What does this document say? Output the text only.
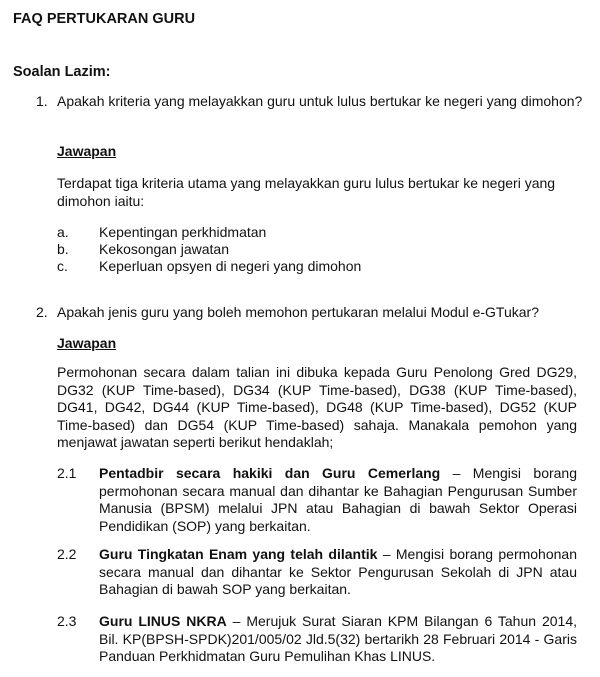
FAQ PERTUKARAN GURU
Soalan Lazim:
1. Apakah kriteria yang melayakkan guru untuk lulus bertukar ke negeri yang dimohon?
Jawapan
Terdapat tiga kriteria utama yang melayakkan guru lulus bertukar ke negeri yang dimohon iaitu:
a.	Kepentingan perkhidmatan
b.	Kekosongan jawatan
c.	Keperluan opsyen di negeri yang dimohon
2. Apakah jenis guru yang boleh memohon pertukaran melalui Modul e-GTukar?
Jawapan
Permohonan secara dalam talian ini dibuka kepada Guru Penolong Gred DG29, DG32 (KUP Time-based), DG34 (KUP Time-based), DG38 (KUP Time-based), DG41, DG42, DG44 (KUP Time-based), DG48 (KUP Time-based), DG52 (KUP Time-based) dan DG54 (KUP Time-based) sahaja. Manakala pemohon yang menjawat jawatan seperti berikut hendaklah;
2.1 Pentadbir secara hakiki dan Guru Cemerlang – Mengisi borang permohonan secara manual dan dihantar ke Bahagian Pengurusan Sumber Manusia (BPSM) melalui JPN atau Bahagian di bawah Sektor Operasi Pendidikan (SOP) yang berkaitan.
2.2 Guru Tingkatan Enam yang telah dilantik – Mengisi borang permohonan secara manual dan dihantar ke Sektor Pengurusan Sekolah di JPN atau Bahagian di bawah SOP yang berkaitan.
2.3 Guru LINUS NKRA – Merujuk Surat Siaran KPM Bilangan 6 Tahun 2014, Bil. KP(BPSH-SPDK)201/005/02 Jld.5(32) bertarikh 28 Februari 2014 - Garis Panduan Perkhidmatan Guru Pemulihan Khas LINUS.
